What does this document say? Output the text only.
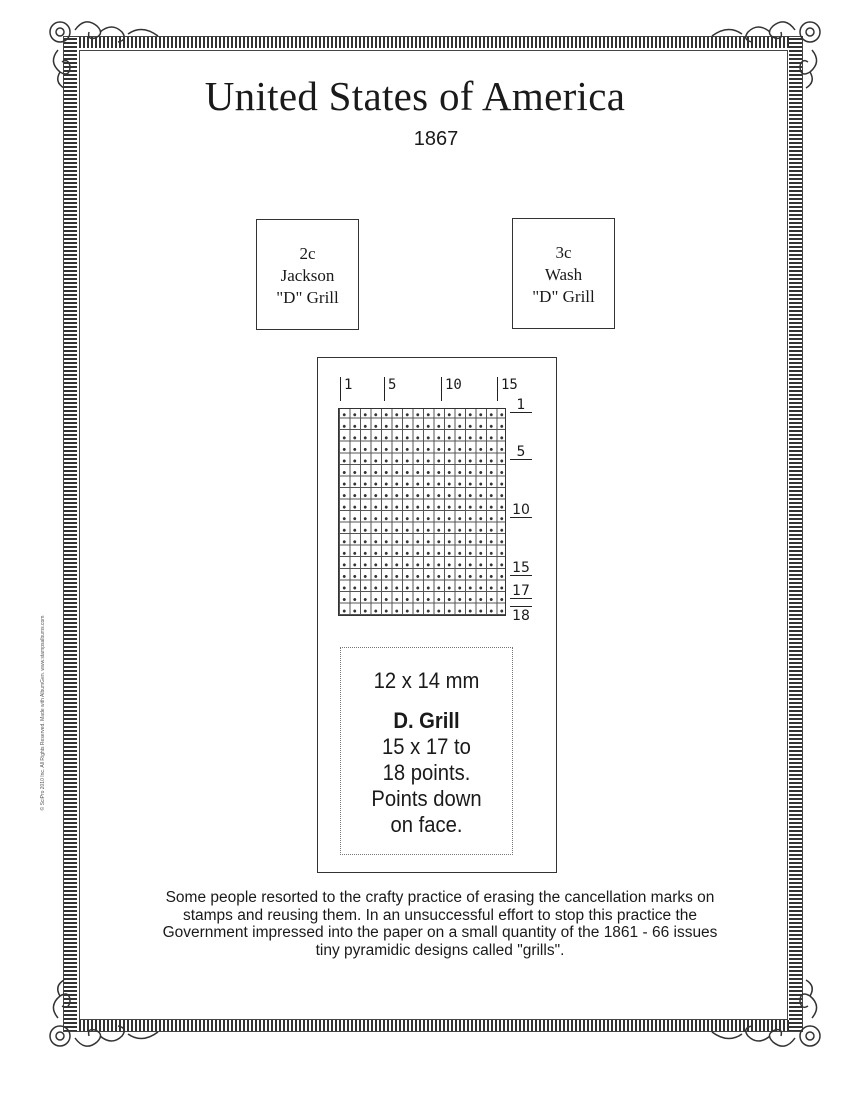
United States of America
1867
2c
Jackson
"D" Grill
3c
Wash
"D" Grill
1	5	10	15
1
5
10
15
17
18
12 x 14 mm
D. Grill
15 x 17 to
18 points.
Points down
on face.
Some people resorted to the crafty practice of erasing the cancellation marks on stamps and reusing them. In an unsuccessful effort to stop this practice the Government impressed into the paper on a small quantity of the 1861 - 66 issues tiny pyramidic designs called "grills".
© SciPro 2010 Inc. All Rights Reserved. Made with AlbumGen. www.stampsalbums.com
